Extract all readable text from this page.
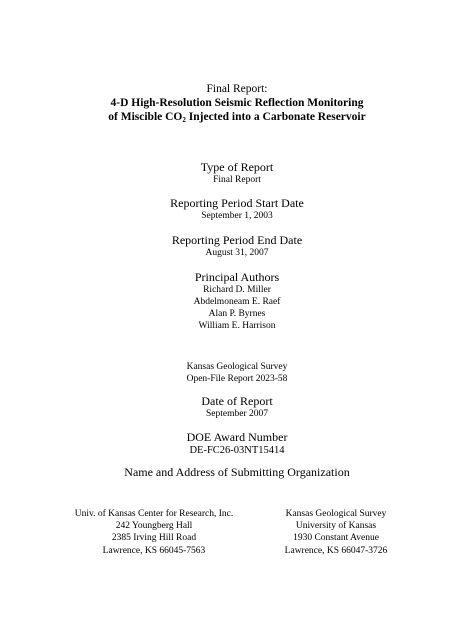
Final Report:
4-D High-Resolution Seismic Reflection Monitoring
of Miscible $CO_2$ Injected into a Carbonate Reservoir
Type of Report
Final Report
Reporting Period Start Date
September 1, 2003
Reporting Period End Date
August 31, 2007
Principal Authors
Richard D. Miller
Abdelmoneam E. Raef
Alan P. Byrnes
William E. Harrison
Kansas Geological Survey
Open-File Report 2023-58
Date of Report
September 2007
DOE Award Number
DE-FC26-03NT15414
Name and Address of Submitting Organization
Univ. of Kansas Center for Research, Inc.
242 Youngberg Hall
2385 Irving Hill Road
Lawrence, KS 66045-7563
Kansas Geological Survey
University of Kansas
1930 Constant Avenue
Lawrence, KS 66047-3726
